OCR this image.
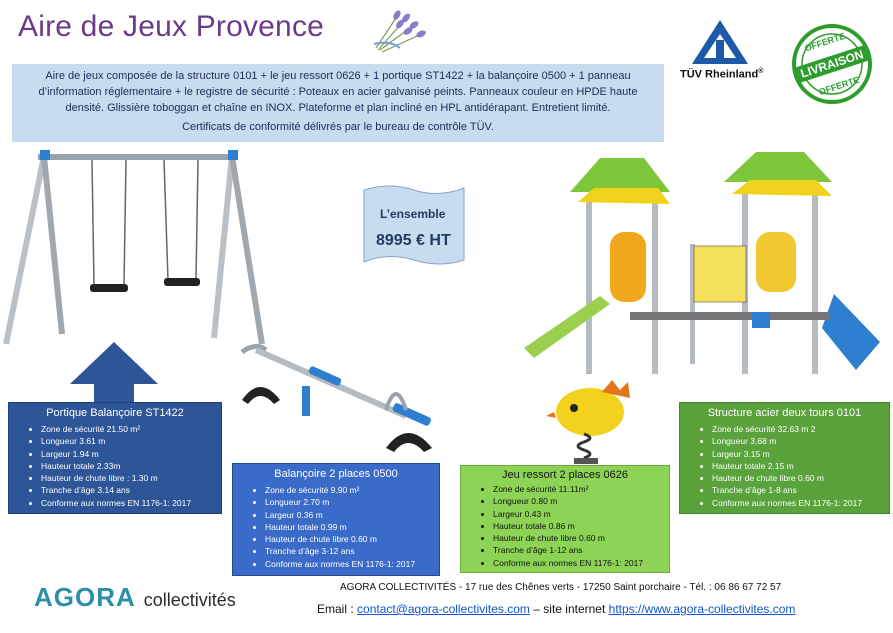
Aire de Jeux Provence

Aire de jeux composée de la structure 0101 + le jeu ressort 0626 + 1 portique ST1422 + la balançoire 0500 + 1 panneau d’information réglementaire + le registre de sécurité : Poteaux en acier galvanisé peints. Panneaux couleur en HPDE haute densité. Glissière toboggan et chaîne en INOX. Plateforme et plan incliné en HPL antidérapant. Entretient limité.

Certificats de conformité délivrés par le bureau de contrôle TÜV.

TÜV Rheinland®
OFFERTE
LIVRAISON
OFFERTE
L’ensemble
8995 € HT
Portique Balançoire ST1422
• Zone de sécurité 21.50 m²
• Longueur 3.61 m
• Largeur 1.94 m
• Hauteur totale 2.33m
• Hauteur de chute libre : 1.30 m
• Tranche d’âge 3.14 ans
• Conforme aux normes EN 1176-1: 2017
Balançoire 2 places 0500
• Zone de sécurité 9.90 m²
• Longueur 2.70 m
• Largeur 0.36 m
• Hauteur totale 0.99 m
• Hauteur de chute libre 0.60 m
• Tranche d’âge 3-12 ans
• Conforme aux normes EN 1176-1: 2017
Jeu ressort 2 places 0626
• Zone de sécurité 11.11m²
• Longueur 0.80 m
• Largeur 0.43 m
• Hauteur totale 0.86 m
• Hauteur de chute libre 0.60 m
• Tranche d’âge 1-12 ans
• Conforme aux normes EN 1176-1: 2017
Structure acier deux tours 0101
• Zone de sécurité 32.63 m 2
• Longueur 3,68 m
• Largeur 3.15 m
• Hauteur totale 2.15 m
• Hauteur de chute libre 0.60 m
• Tranche d’âge 1-8 ans
• Conforme aux normes EN 1176-1: 2017
AGORA collectivités
AGORA COLLECTIVITÉS - 17 rue des Chênes verts - 17250 Saint porchaire - Tél. : 06 86 67 72 57
Email : contact@agora-collectivites.com – site internet https://www.agora-collectivites.com
